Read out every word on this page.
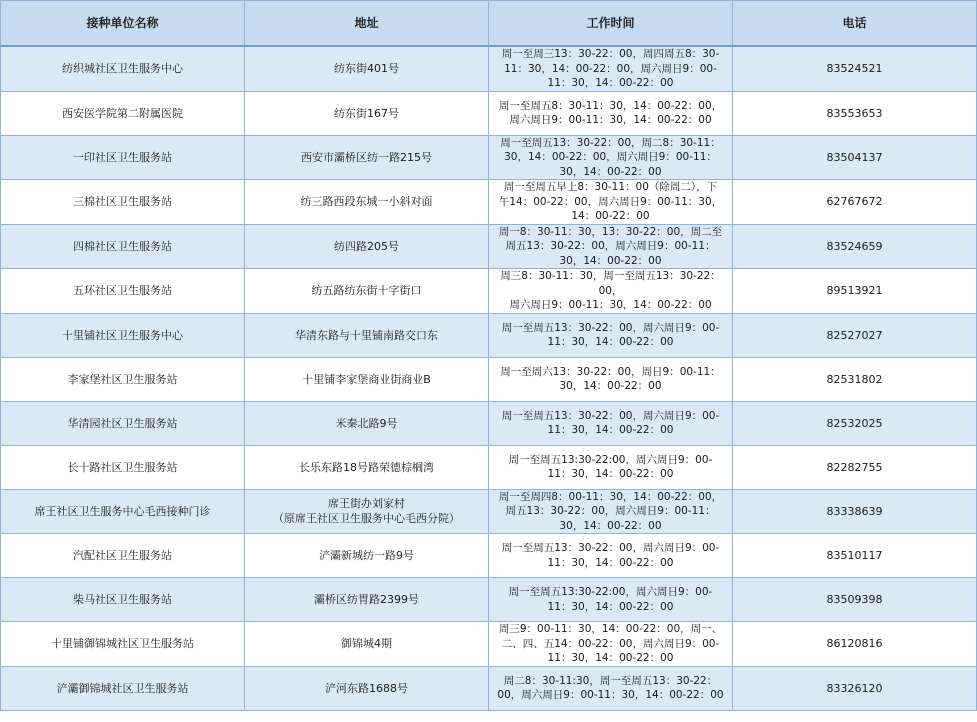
接种单位名称	地址	工作时间	电话
纺织城社区卫生服务中心	纺东街401号	周一至周三13：30-22：00，周四周五8：30-
11：30，14：00-22：00，周六周日9：00-
11：30，14：00-22：00	83524521
西安医学院第二附属医院	纺东街167号	周一至周五8：30-11：30，14：00-22：00，
周六周日9：00-11：30，14：00-22：00	83553653
一印社区卫生服务站	西安市灞桥区纺一路215号	周一至周五13：30-22：00，周二8：30-11：
30，14：00-22：00，周六周日9：00-11：30，14：00-22：00	83504137
三棉社区卫生服务站	纺三路西段东城一小斜对面	周一至周五早上8：30-11：00（除周二），下
午14：00-22：00，周六周日9：00-11：30，
14：00-22：00	62767672
四棉社区卫生服务站	纺四路205号	周一8：30-11：30，13：30-22：00，周二至
周五13：30-22：00，周六周日9：00-11：
30，14：00-22：00	83524659
五环社区卫生服务站	纺五路纺东街十字街口	周三8：30-11：30，周一至周五13：30-22：00，
周六周日9：00-11：30，14：00-22：00	89513921
十里铺社区卫生服务中心	华清东路与十里铺南路交口东	周一至周五13：30-22：00，周六周日9：00-
11：30，14：00-22：00	82527027
李家堡社区卫生服务站	十里铺李家堡商业街商业B	周一至周六13：30-22：00，周日9：00-11：
30，14：00-22：00	82531802
华清园社区卫生服务站	米秦北路9号	周一至周五13：30-22：00，周六周日9：00-
11：30，14：00-22：00	82532025
长十路社区卫生服务站	长乐东路18号路荣德棕榈湾	周一至周五13:30-22:00，周六周日9：00-
11：30，14：00-22：00	82282755
席王社区卫生服务中心毛西接种门诊	席王街办刘家村
（原席王社区卫生服务中心毛西分院）	周一至周四8：00-11：30，14：00-22：00，
周五13：30-22：00，周六周日9：00-11：
30，14：00-22：00	83338639
汽配社区卫生服务站	浐灞新城纺一路9号	周一至周五13：30-22：00，周六周日9：00-
11：30，14：00-22：00	83510117
柴马社区卫生服务站	灞桥区纺胃路2399号	周一至周五13:30-22:00，周六周日9：00-
11：30，14：00-22：00	83509398
十里铺御锦城社区卫生服务站	御锦城4期	周三9：00-11：30，14：00-22：00，周一、
二、四、五14：00-22：00，周六周日9：00-
11：30，14：00-22：00	86120816
浐灞御锦城社区卫生服务站	浐河东路1688号	周二8：30-11:30，周一至周五13：30-22：
00，周六周日9：00-11：30，14：00-22：00	83326120
